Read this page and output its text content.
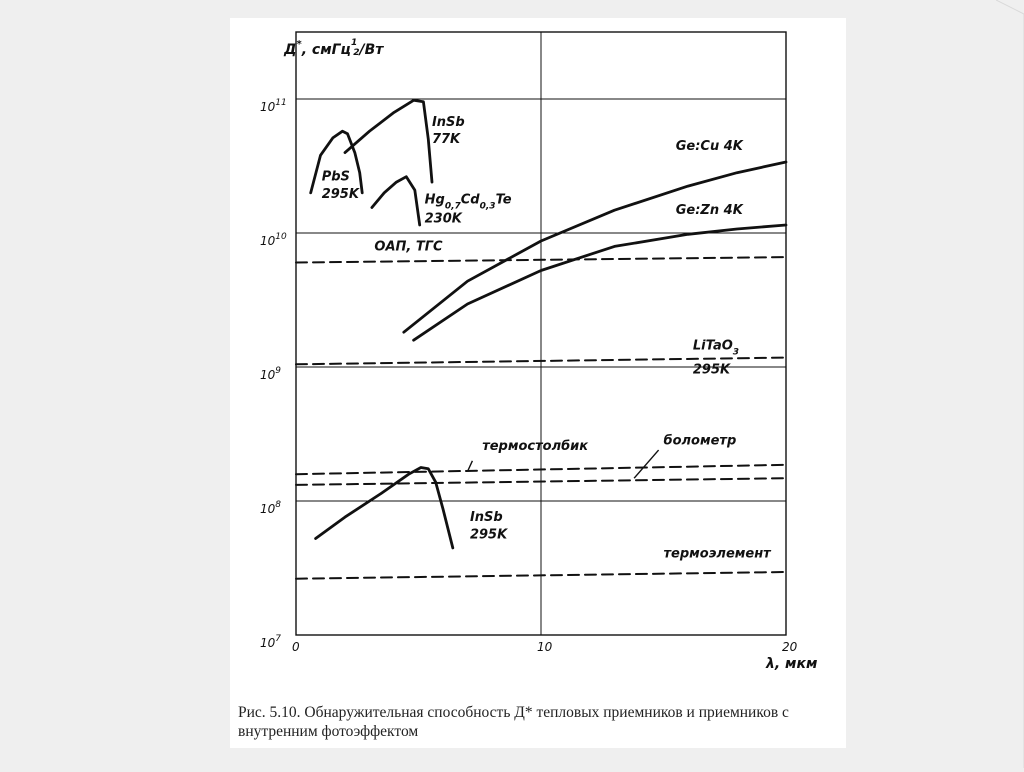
$10^7$
$10^8$
$10^9$
$10^{10}$
$10^{11}$
0	10	20
λ, мкм
Д*, смГц$^1$ 2/Вт
PbS
295K
InSb
77K
$Hg_{0,7}Cd_{0,3}Te$
230K
Ge:Cu 4K
Ge:Zn 4K
ОАП, ТГС
LiTaO$_3$
295K
термостолбик	болометр
термоэлемент
InSb
295K
Рис. 5.10. Обнаружительная способность Д* тепловых приемников и приемников с внутренним фотоэффектом
